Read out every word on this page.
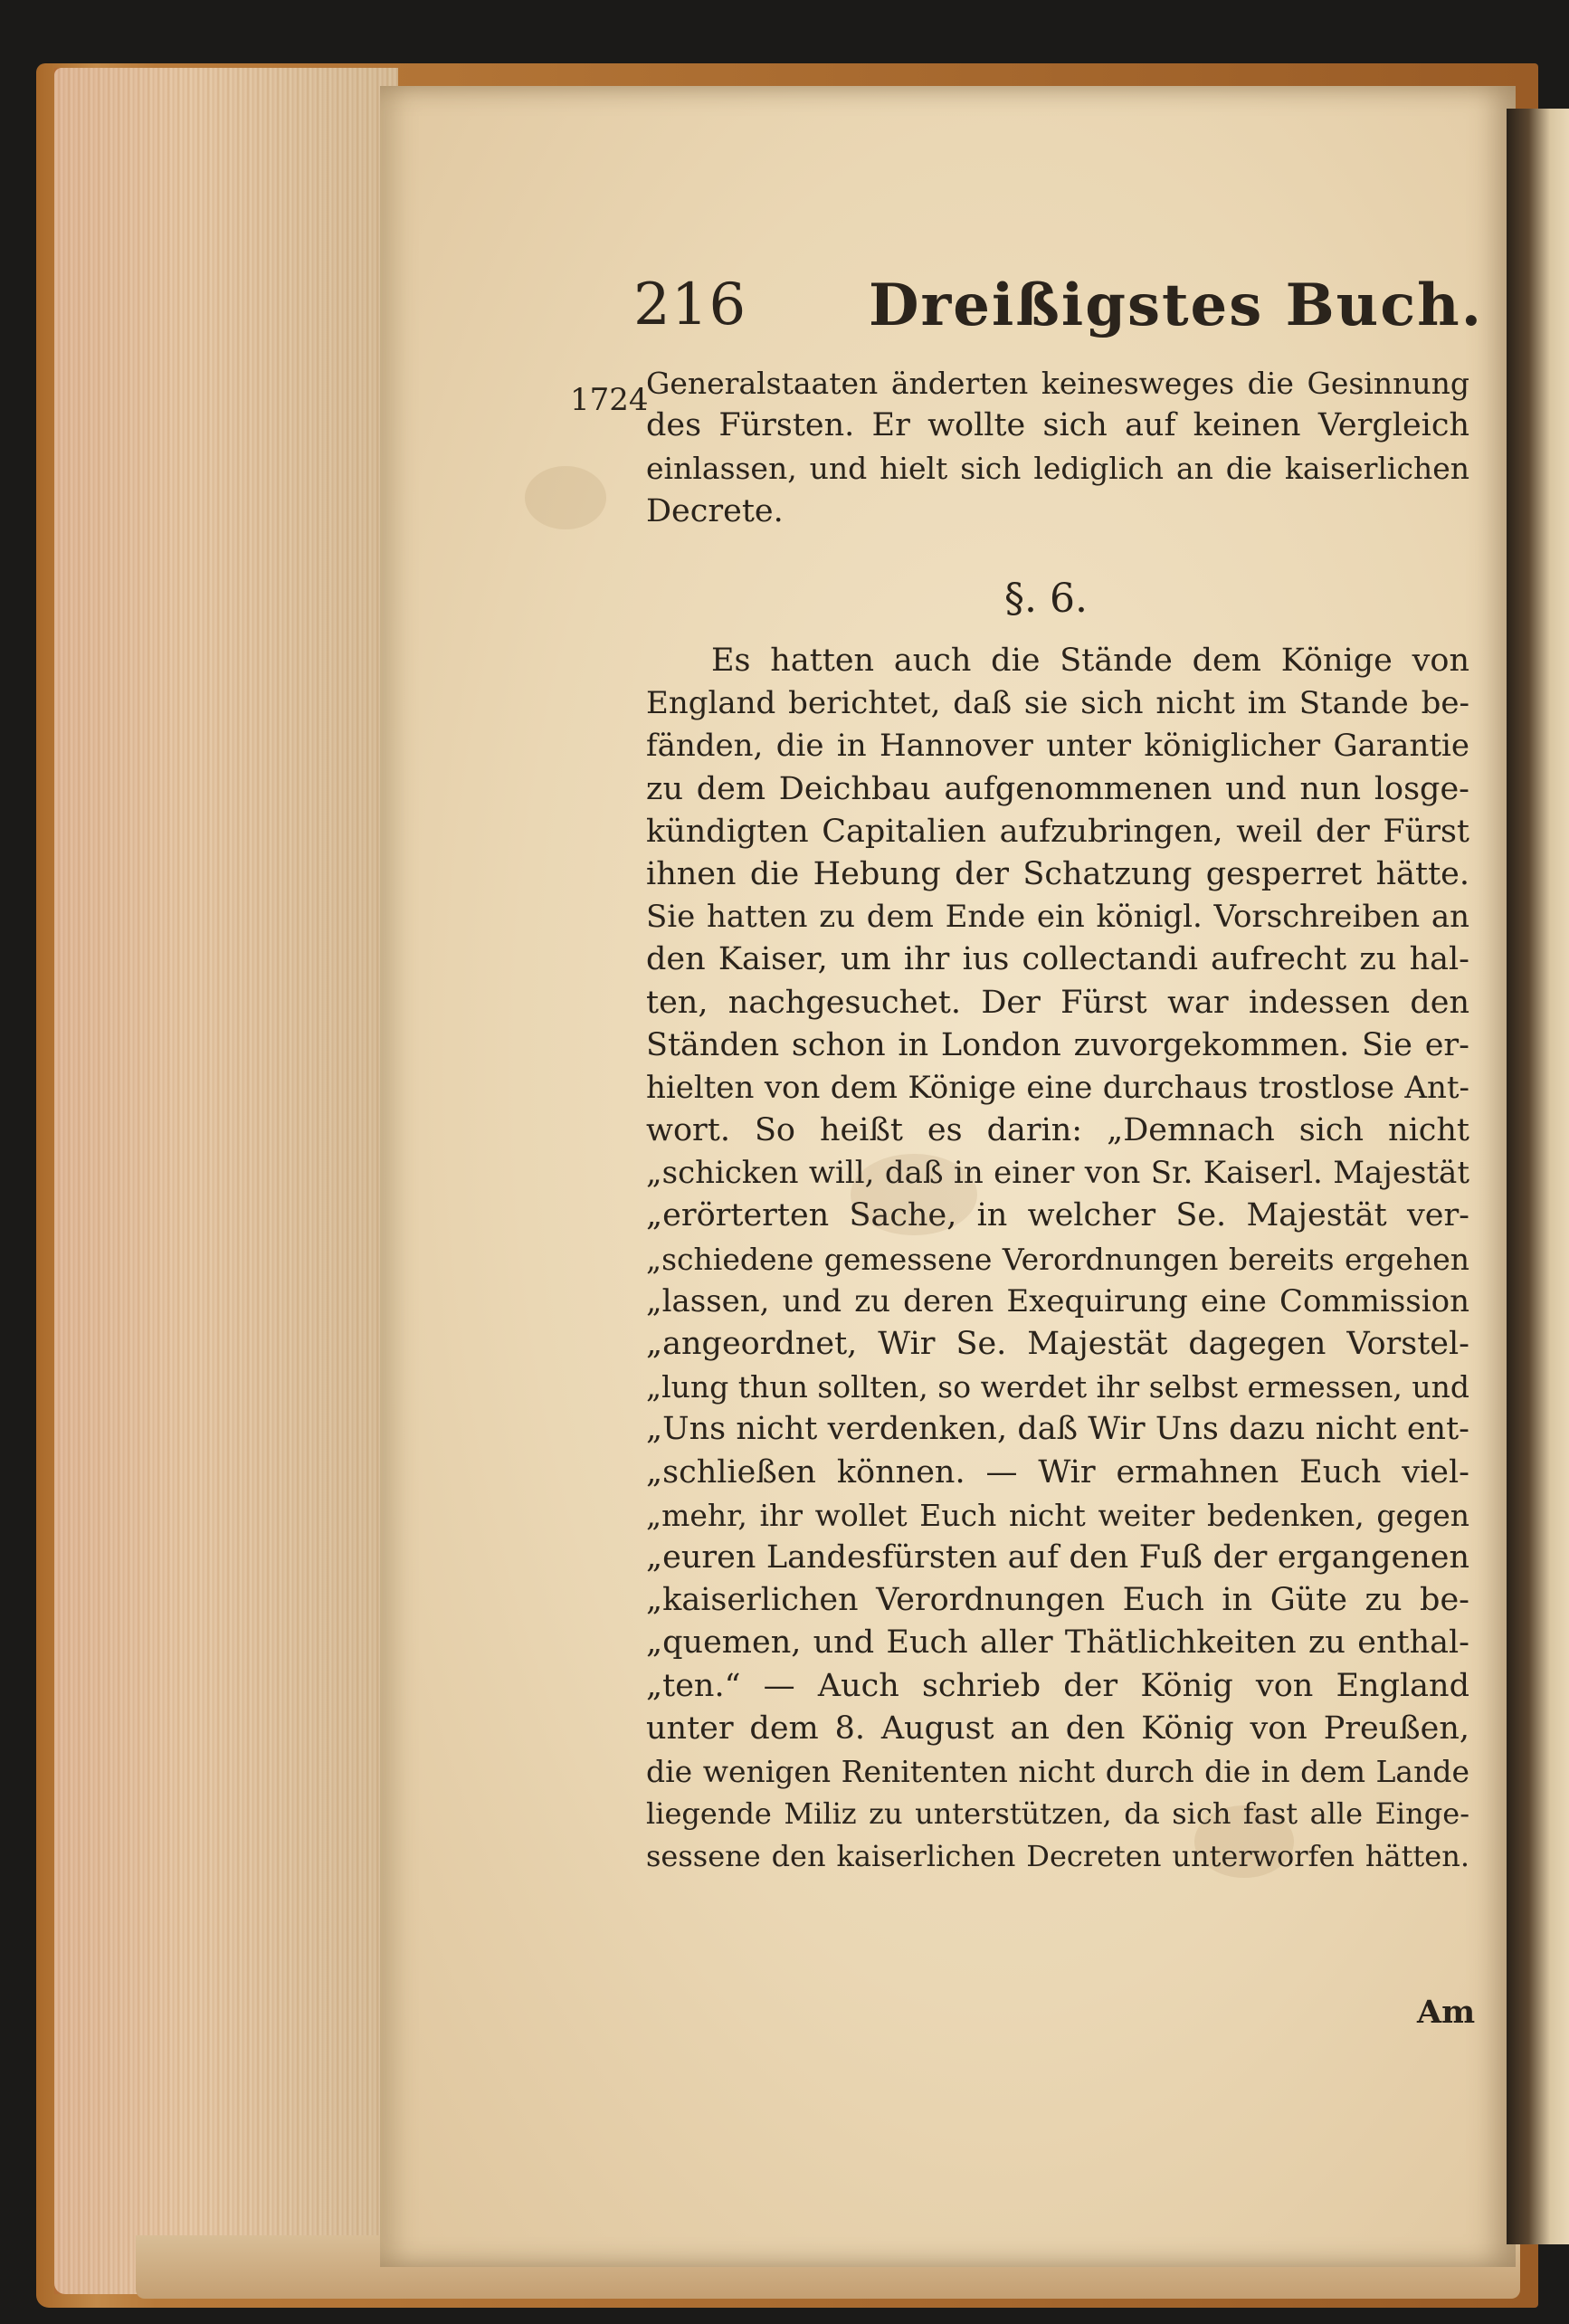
216 Dreißigstes Buch.
1724
Generalstaaten änderten keinesweges die Gesinnung
des Fürsten. Er wollte sich auf keinen Vergleich
einlassen, und hielt sich lediglich an die kaiserlichen
Decrete.
§. 6.
Es hatten auch die Stände dem Könige von
England berichtet, daß sie sich nicht im Stande be-
fänden, die in Hannover unter königlicher Garantie
zu dem Deichbau aufgenommenen und nun losge-
kündigten Capitalien aufzubringen, weil der Fürst
ihnen die Hebung der Schatzung gesperret hätte.
Sie hatten zu dem Ende ein königl. Vorschreiben an
den Kaiser, um ihr ius collectandi aufrecht zu hal-
ten, nachgesuchet. Der Fürst war indessen den
Ständen schon in London zuvorgekommen. Sie er-
hielten von dem Könige eine durchaus trostlose Ant-
wort. So heißt es darin: „Demnach sich nicht
„schicken will, daß in einer von Sr. Kaiserl. Majestät
„erörterten Sache, in welcher Se. Majestät ver-
„schiedene gemessene Verordnungen bereits ergehen
„lassen, und zu deren Exequirung eine Commission
„angeordnet, Wir Se. Majestät dagegen Vorstel-
„lung thun sollten, so werdet ihr selbst ermessen, und
„Uns nicht verdenken, daß Wir Uns dazu nicht ent-
„schließen können. — Wir ermahnen Euch viel-
„mehr, ihr wollet Euch nicht weiter bedenken, gegen
„euren Landesfürsten auf den Fuß der ergangenen
„kaiserlichen Verordnungen Euch in Güte zu be-
„quemen, und Euch aller Thätlichkeiten zu enthal-
„ten.“ — Auch schrieb der König von England
unter dem 8. August an den König von Preußen,
die wenigen Renitenten nicht durch die in dem Lande
liegende Miliz zu unterstützen, da sich fast alle Einge-
sessene den kaiserlichen Decreten unterworfen hätten.
Am
